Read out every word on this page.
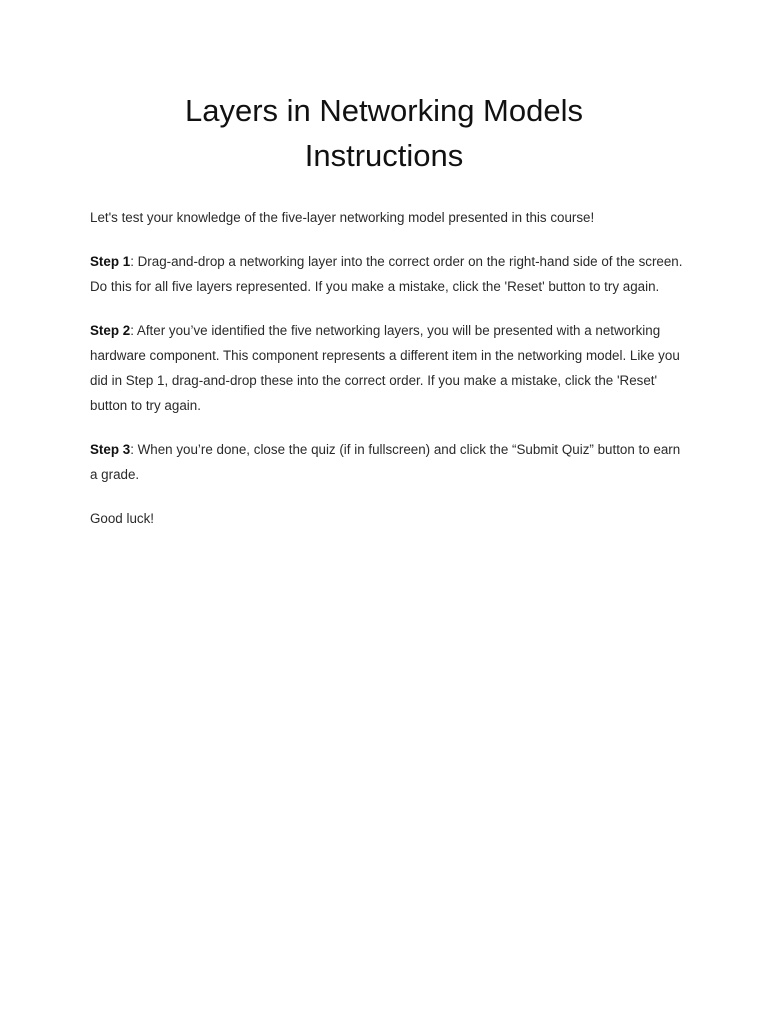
Layers in Networking Models
Instructions

Let's test your knowledge of the five-layer networking model presented in this course!

Step 1: Drag-and-drop a networking layer into the correct order on the right-hand side of the screen. Do this for all five layers represented. If you make a mistake, click the 'Reset' button to try again.

Step 2: After you’ve identified the five networking layers, you will be presented with a networking hardware component. This component represents a different item in the networking model. Like you did in Step 1, drag-and-drop these into the correct order. If you make a mistake, click the 'Reset' button to try again.

Step 3: When you’re done, close the quiz (if in fullscreen) and click the “Submit Quiz” button to earn a grade.

Good luck!
